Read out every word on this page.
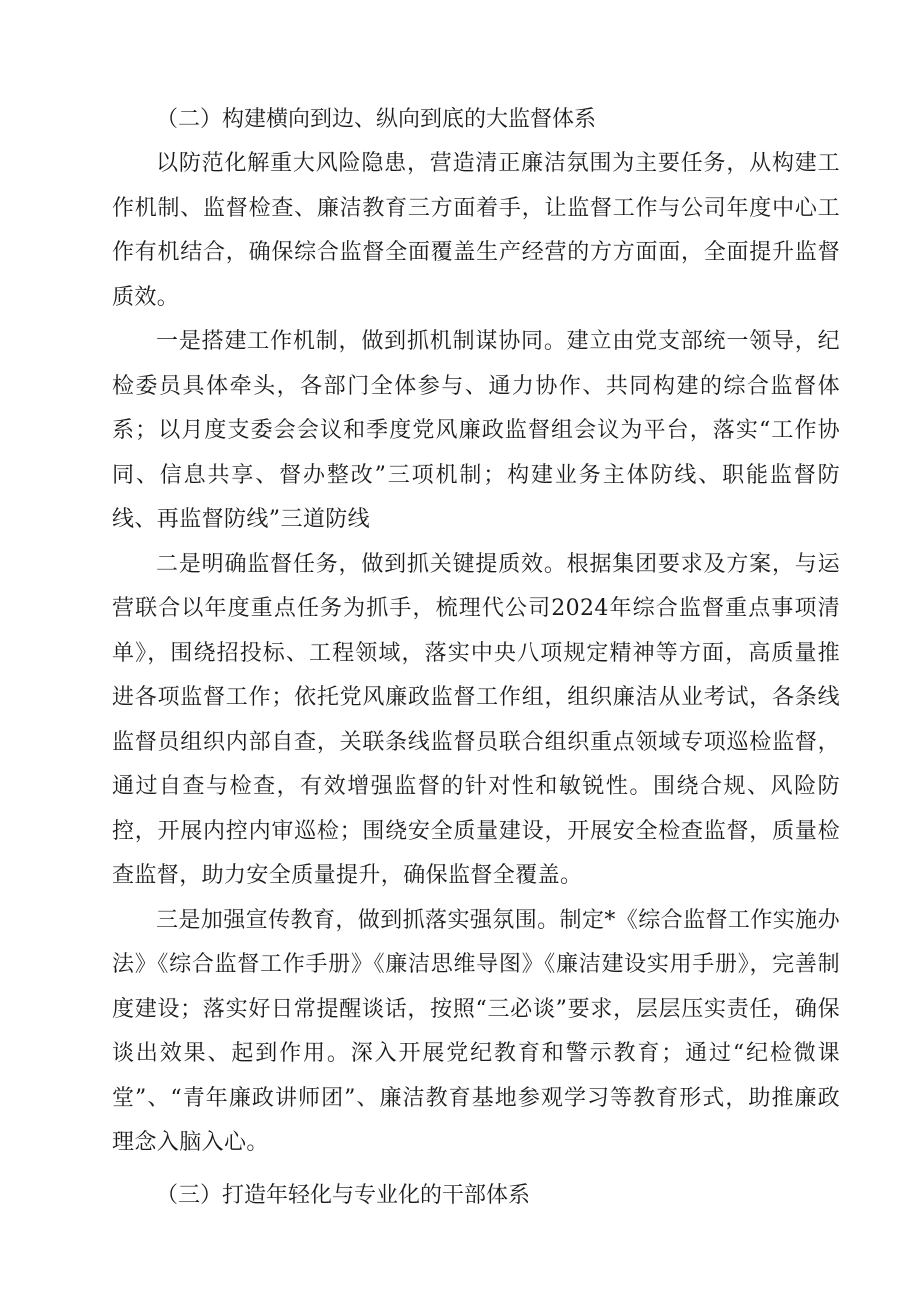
（二）构建横向到边、纵向到底的大监督体系

以防范化解重大风险隐患，营造清正廉洁氛围为主要任务，从构建工作机制、监督检查、廉洁教育三方面着手，让监督工作与公司年度中心工作有机结合，确保综合监督全面覆盖生产经营的方方面面，全面提升监督质效。

一是搭建工作机制，做到抓机制谋协同。建立由党支部统一领导，纪检委员具体牵头，各部门全体参与、通力协作、共同构建的综合监督体系；以月度支委会会议和季度党风廉政监督组会议为平台，落实“工作协同、信息共享、督办整改”三项机制；构建业务主体防线、职能监督防线、再监督防线”三道防线

二是明确监督任务，做到抓关键提质效。根据集团要求及方案，与运营联合以年度重点任务为抓手，梳理代公司2024年综合监督重点事项清单》，围绕招投标、工程领域，落实中央八项规定精神等方面，高质量推进各项监督工作；依托党风廉政监督工作组，组织廉洁从业考试，各条线监督员组织内部自查，关联条线监督员联合组织重点领域专项巡检监督，通过自查与检查，有效增强监督的针对性和敏锐性。围绕合规、风险防控，开展内控内审巡检；围绕安全质量建设，开展安全检查监督，质量检查监督，助力安全质量提升，确保监督全覆盖。

三是加强宣传教育，做到抓落实强氛围。制定*《综合监督工作实施办法》《综合监督工作手册》《廉洁思维导图》《廉洁建设实用手册》，完善制度建设；落实好日常提醒谈话，按照“三必谈”要求，层层压实责任，确保谈出效果、起到作用。深入开展党纪教育和警示教育；通过“纪检微课堂”、“青年廉政讲师团”、廉洁教育基地参观学习等教育形式，助推廉政理念入脑入心。

（三）打造年轻化与专业化的干部体系
